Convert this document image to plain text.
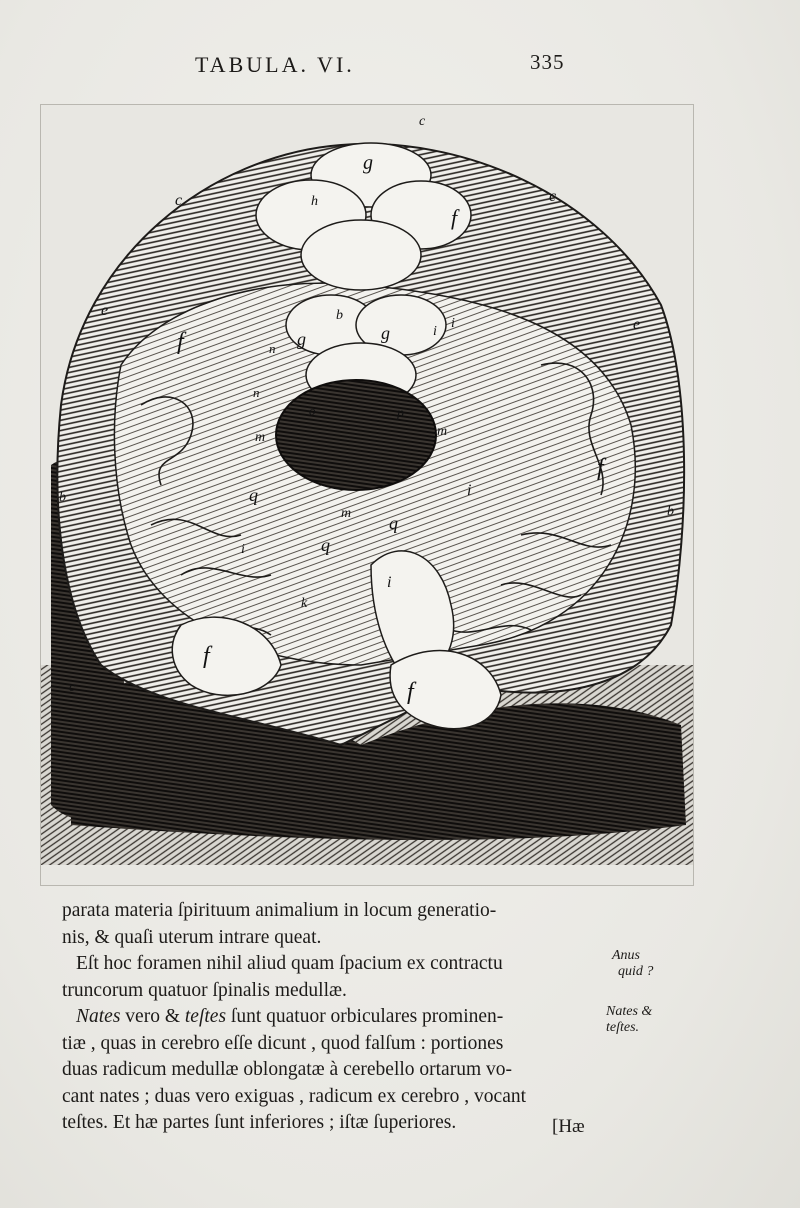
TABULA. VI.	335
c
g
c	c
h
f
e
e
f	n g
b
g	i
i
n
o	p
m	m
f
q
m
i
q
q
i
i
k
f
f
b
b
c
parata materia ſpirituum animalium in locum generatio-
nis, & quaſi uterum intrare queat.
Eſt hoc foramen nihil aliud quam ſpacium ex contractu
truncorum quatuor ſpinalis medullæ.
Nates vero & teſtes ſunt quatuor orbiculares prominen-
tiæ , quas in cerebro eſſe dicunt , quod falſum : portiones
duas radicum medullæ oblongatæ à cerebello ortarum vo-
cant nates ; duas vero exiguas , radicum ex cerebro , vocant
teſtes. Et hæ partes ſunt inferiores ; iſtæ ſuperiores.
Anus
quid ?
Nates &
teſtes.
[Hæ
